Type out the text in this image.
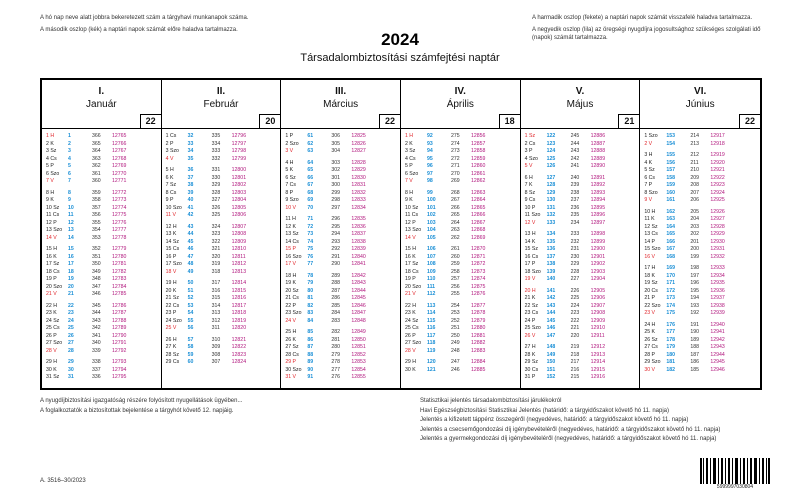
A hó nap neve alatt jobbra bekeretezett szám a tárgyhavi munkanapok száma.
A második oszlop (kék) a naptári napok számát előre haladva tartalmazza.
A harmadik oszlop (fekete) a naptári napok számát visszafelé haladva tartalmazza.
A negyedik oszlop (lila) az öregségi nyugdíjra jogosultsághoz szükséges szolgálati idő (napok) számát tartalmazza.
2024
Társadalombiztosítási számfejtési naptár
I.
Január
22
1 H	1	366	12765
2 K	2	365	12766
3 Sz	3	364	12767
4 Cs	4	363	12768
5 P	5	362	12769
6 Szo	6	361	12770
7 V	7	360	12771
8 H	8	359	12772
9 K	9	358	12773
10 Sz	10	357	12774
11 Cs	11	356	12775
12 P	12	355	12776
13 Szo	13	354	12777
14 V	14	353	12778
15 H	15	352	12779
16 K	16	351	12780
17 Sz	17	350	12781
18 Cs	18	349	12782
19 P	19	348	12783
20 Szo	20	347	12784
21 V	21	346	12785
22 H	22	345	12786
23 K	23	344	12787
24 Sz	24	343	12788
25 Cs	25	342	12789
26 P	26	341	12790
27 Szo	27	340	12791
28 V	28	339	12792
29 H	29	338	12793
30 K	30	337	12794
31 Sz	31	336	12795
II.
Február
20
1 Cs	32	335	12796
2 P	33	334	12797
3 Szo	34	333	12798
4 V	35	332	12799
5 H	36	331	12800
6 K	37	330	12801
7 Sz	38	329	12802
8 Cs	39	328	12803
9 P	40	327	12804
10 Szo	41	326	12805
11 V	42	325	12806
12 H	43	324	12807
13 K	44	323	12808
14 Sz	45	322	12809
15 Cs	46	321	12810
16 P	47	320	12811
17 Szo	48	319	12812
18 V	49	318	12813
19 H	50	317	12814
20 K	51	316	12815
21 Sz	52	315	12816
22 Cs	53	314	12817
23 P	54	313	12818
24 Szo	55	312	12819
25 V	56	311	12820
26 H	57	310	12821
27 K	58	309	12822
28 Sz	59	308	12823
29 Cs	60	307	12824
III.
Március
22
1 P	61	306	12825
2 Szo	62	305	12826
3 V	63	304	12827
4 H	64	303	12828
5 K	65	302	12829
6 Sz	66	301	12830
7 Cs	67	300	12831
8 P	68	299	12832
9 Szo	69	298	12833
10 V	70	297	12834
11 H	71	296	12835
12 K	72	295	12836
13 Sz	73	294	12837
14 Cs	74	293	12838
15 P	75	292	12839
16 Szo	76	291	12840
17 V	77	290	12841
18 H	78	289	12842
19 K	79	288	12843
20 Sz	80	287	12844
21 Cs	81	286	12845
22 P	82	285	12846
23 Szo	83	284	12847
24 V	84	283	12848
25 H	85	282	12849
26 K	86	281	12850
27 Sz	87	280	12851
28 Cs	88	279	12852
29 P	89	278	12853
30 Szo	90	277	12854
31 V	91	276	12855
IV.
Április
18
1 H	92	275	12856
2 K	93	274	12857
3 Sz	94	273	12858
4 Cs	95	272	12859
5 P	96	271	12860
6 Szo	97	270	12861
7 V	98	269	12862
8 H	99	268	12863
9 K	100	267	12864
10 Sz	101	266	12865
11 Cs	102	265	12866
12 P	103	264	12867
13 Szo	104	263	12868
14 V	105	262	12869
15 H	106	261	12870
16 K	107	260	12871
17 Sz	108	259	12872
18 Cs	109	258	12873
19 P	110	257	12874
20 Szo	111	256	12875
21 V	112	255	12876
22 H	113	254	12877
23 K	114	253	12878
24 Sz	115	252	12879
25 Cs	116	251	12880
26 P	117	250	12881
27 Szo	118	249	12882
28 V	119	248	12883
29 H	120	247	12884
30 K	121	246	12885
V.
Május
21
1 Sz	122	245	12886
2 Cs	123	244	12887
3 P	124	243	12888
4 Szo	125	242	12889
5 V	126	241	12890
6 H	127	240	12891
7 K	128	239	12892
8 Sz	129	238	12893
9 Cs	130	237	12894
10 P	131	236	12895
11 Szo	132	235	12896
12 V	133	234	12897
13 H	134	233	12898
14 K	135	232	12899
15 Sz	136	231	12900
16 Cs	137	230	12901
17 P	138	229	12902
18 Szo	139	228	12903
19 V	140	227	12904
20 H	141	226	12905
21 K	142	225	12906
22 Sz	143	224	12907
23 Cs	144	223	12908
24 P	145	222	12909
25 Szo	146	221	12910
26 V	147	220	12911
27 H	148	219	12912
28 K	149	218	12913
29 Sz	150	217	12914
30 Cs	151	216	12915
31 P	152	215	12916
VI.
Június
22
1 Szo	153	214	12917
2 V	154	213	12918
3 H	155	212	12919
4 K	156	211	12920
5 Sz	157	210	12921
6 Cs	158	209	12922
7 P	159	208	12923
8 Szo	160	207	12924
9 V	161	206	12925
10 H	162	205	12926
11 K	163	204	12927
12 Sz	164	203	12928
13 Cs	165	202	12929
14 P	166	201	12930
15 Szo	167	200	12931
16 V	168	199	12932
17 H	169	198	12933
18 K	170	197	12934
19 Sz	171	196	12935
20 Cs	172	195	12936
21 P	173	194	12937
22 Szo	174	193	12938
23 V	175	192	12939
24 H	176	191	12940
25 K	177	190	12941
26 Sz	178	189	12942
27 Cs	179	188	12943
28 P	180	187	12944
29 Szo	181	186	12945
30 V	182	185	12946
A nyugdíjbiztosítási igazgatóság részére folyósított nyugellátások ügyében...
A foglalkoztatók a biztosítottak bejelentése a tárgyhót követő 12. napjáig.
Statisztikai jelentés társadalombiztosítási járulékokról
Havi Egészségbiztosítási Statisztikai Jelentés (határidő: a tárgyidőszakot követő hó 11. napja)
Jelentés a kifizetett táppénz összegéről (negyedéves, határidő: a tárgyidőszakot követő hó 11. napja)
Jelentés a csecsemőgondozási díj igénybevételéről (negyedéves, határidő: a tárgyidőszakot követő hó 11. napja)
Jelentés a gyermekgondozási díj igénybevételéről (negyedéves, határidő: a tárgyidőszakot követő hó 11. napja)
A. 3516–30/2023
5999997030804
